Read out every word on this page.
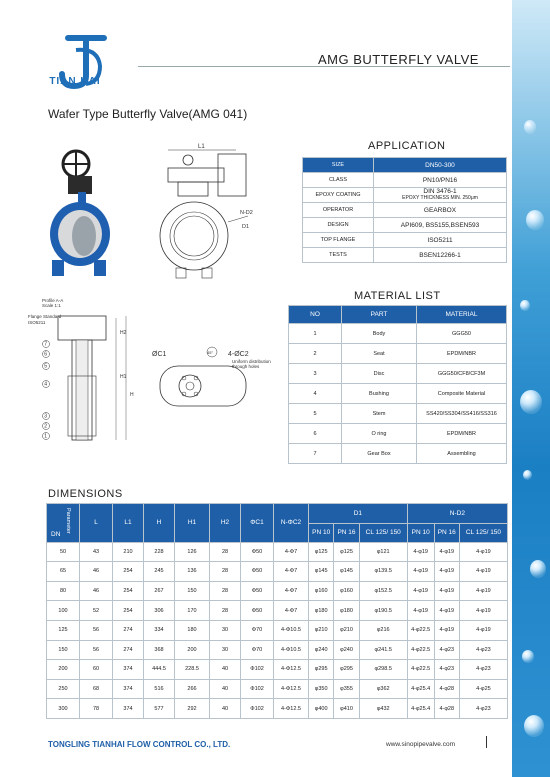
TIAN HAI
AMG BUTTERFLY VALVE
Wafer Type Butterfly Valve(AMG 041)
L1
N-D2
D1
Profile A-A
Scale 1:1
Flange Standard
ISO5211
H2
H1
H
7
6
5
4
3
2
1
ØC1	45° 4-ØC2
Uniform distribution
through holes
APPLICATION
SIZE	DN50-300
CLASS	PN10/PN16
EPOXY COATING	DIN 3476-1
EPOXY THICKNESS MIN. 250μm

OPERATOR	GEARBOX
DESIGN	API609, BS5155,BSEN593
TOP FLANGE	ISO5211
TESTS	BSEN12266-1
MATERIAL LIST
NO	PART	MATERIAL
1	Body	GGG50
2	Seat	EPDM/NBR
3	Disc	GGG50/CF8/CF3M
4	Bushing	Composite Material
5	Stem	SS420/SS304/SS416/SS316
6	O ring	EPDM/NBR
7	Gear Box	Assembling
DIMENSIONS
Parameter
DN	L	L1	H	H1	H2	ΦC1	N-ΦC2	D1			N-D2		
								PN 10	PN 16	CL 125/ 150	PN 10	PN 16	CL 125/ 150
50	43	210	228	126	28	Φ50	4-Φ7	φ125	φ125	φ121	4-φ19	4-φ19	4-φ19
65	46	254	245	136	28	Φ50	4-Φ7	φ145	φ145	φ139.5	4-φ19	4-φ19	4-φ19
80	46	254	267	150	28	Φ50	4-Φ7	φ160	φ160	φ152.5	4-φ19	4-φ19	4-φ19
100	52	254	306	170	28	Φ50	4-Φ7	φ180	φ180	φ190.5	4-φ19	4-φ19	4-φ19
125	56	274	334	180	30	Φ70	4-Φ10.5	φ210	φ210	φ216	4-φ22.5	4-φ19	4-φ19
150	56	274	368	200	30	Φ70	4-Φ10.5	φ240	φ240	φ241.5	4-φ22.5	4-φ23	4-φ23
200	60	374	444.5	228.5	40	Φ102	4-Φ12.5	φ295	φ295	φ298.5	4-φ22.5	4-φ23	4-φ23
250	68	374	516	266	40	Φ102	4-Φ12.5	φ350	φ355	φ362	4-φ25.4	4-φ28	4-φ25
300	78	374	577	292	40	Φ102	4-Φ12.5	φ400	φ410	φ432	4-φ25.4	4-φ28	4-φ23
TONGLING TIANHAI FLOW CONTROL CO., LTD.	www.sinopipevalve.com
